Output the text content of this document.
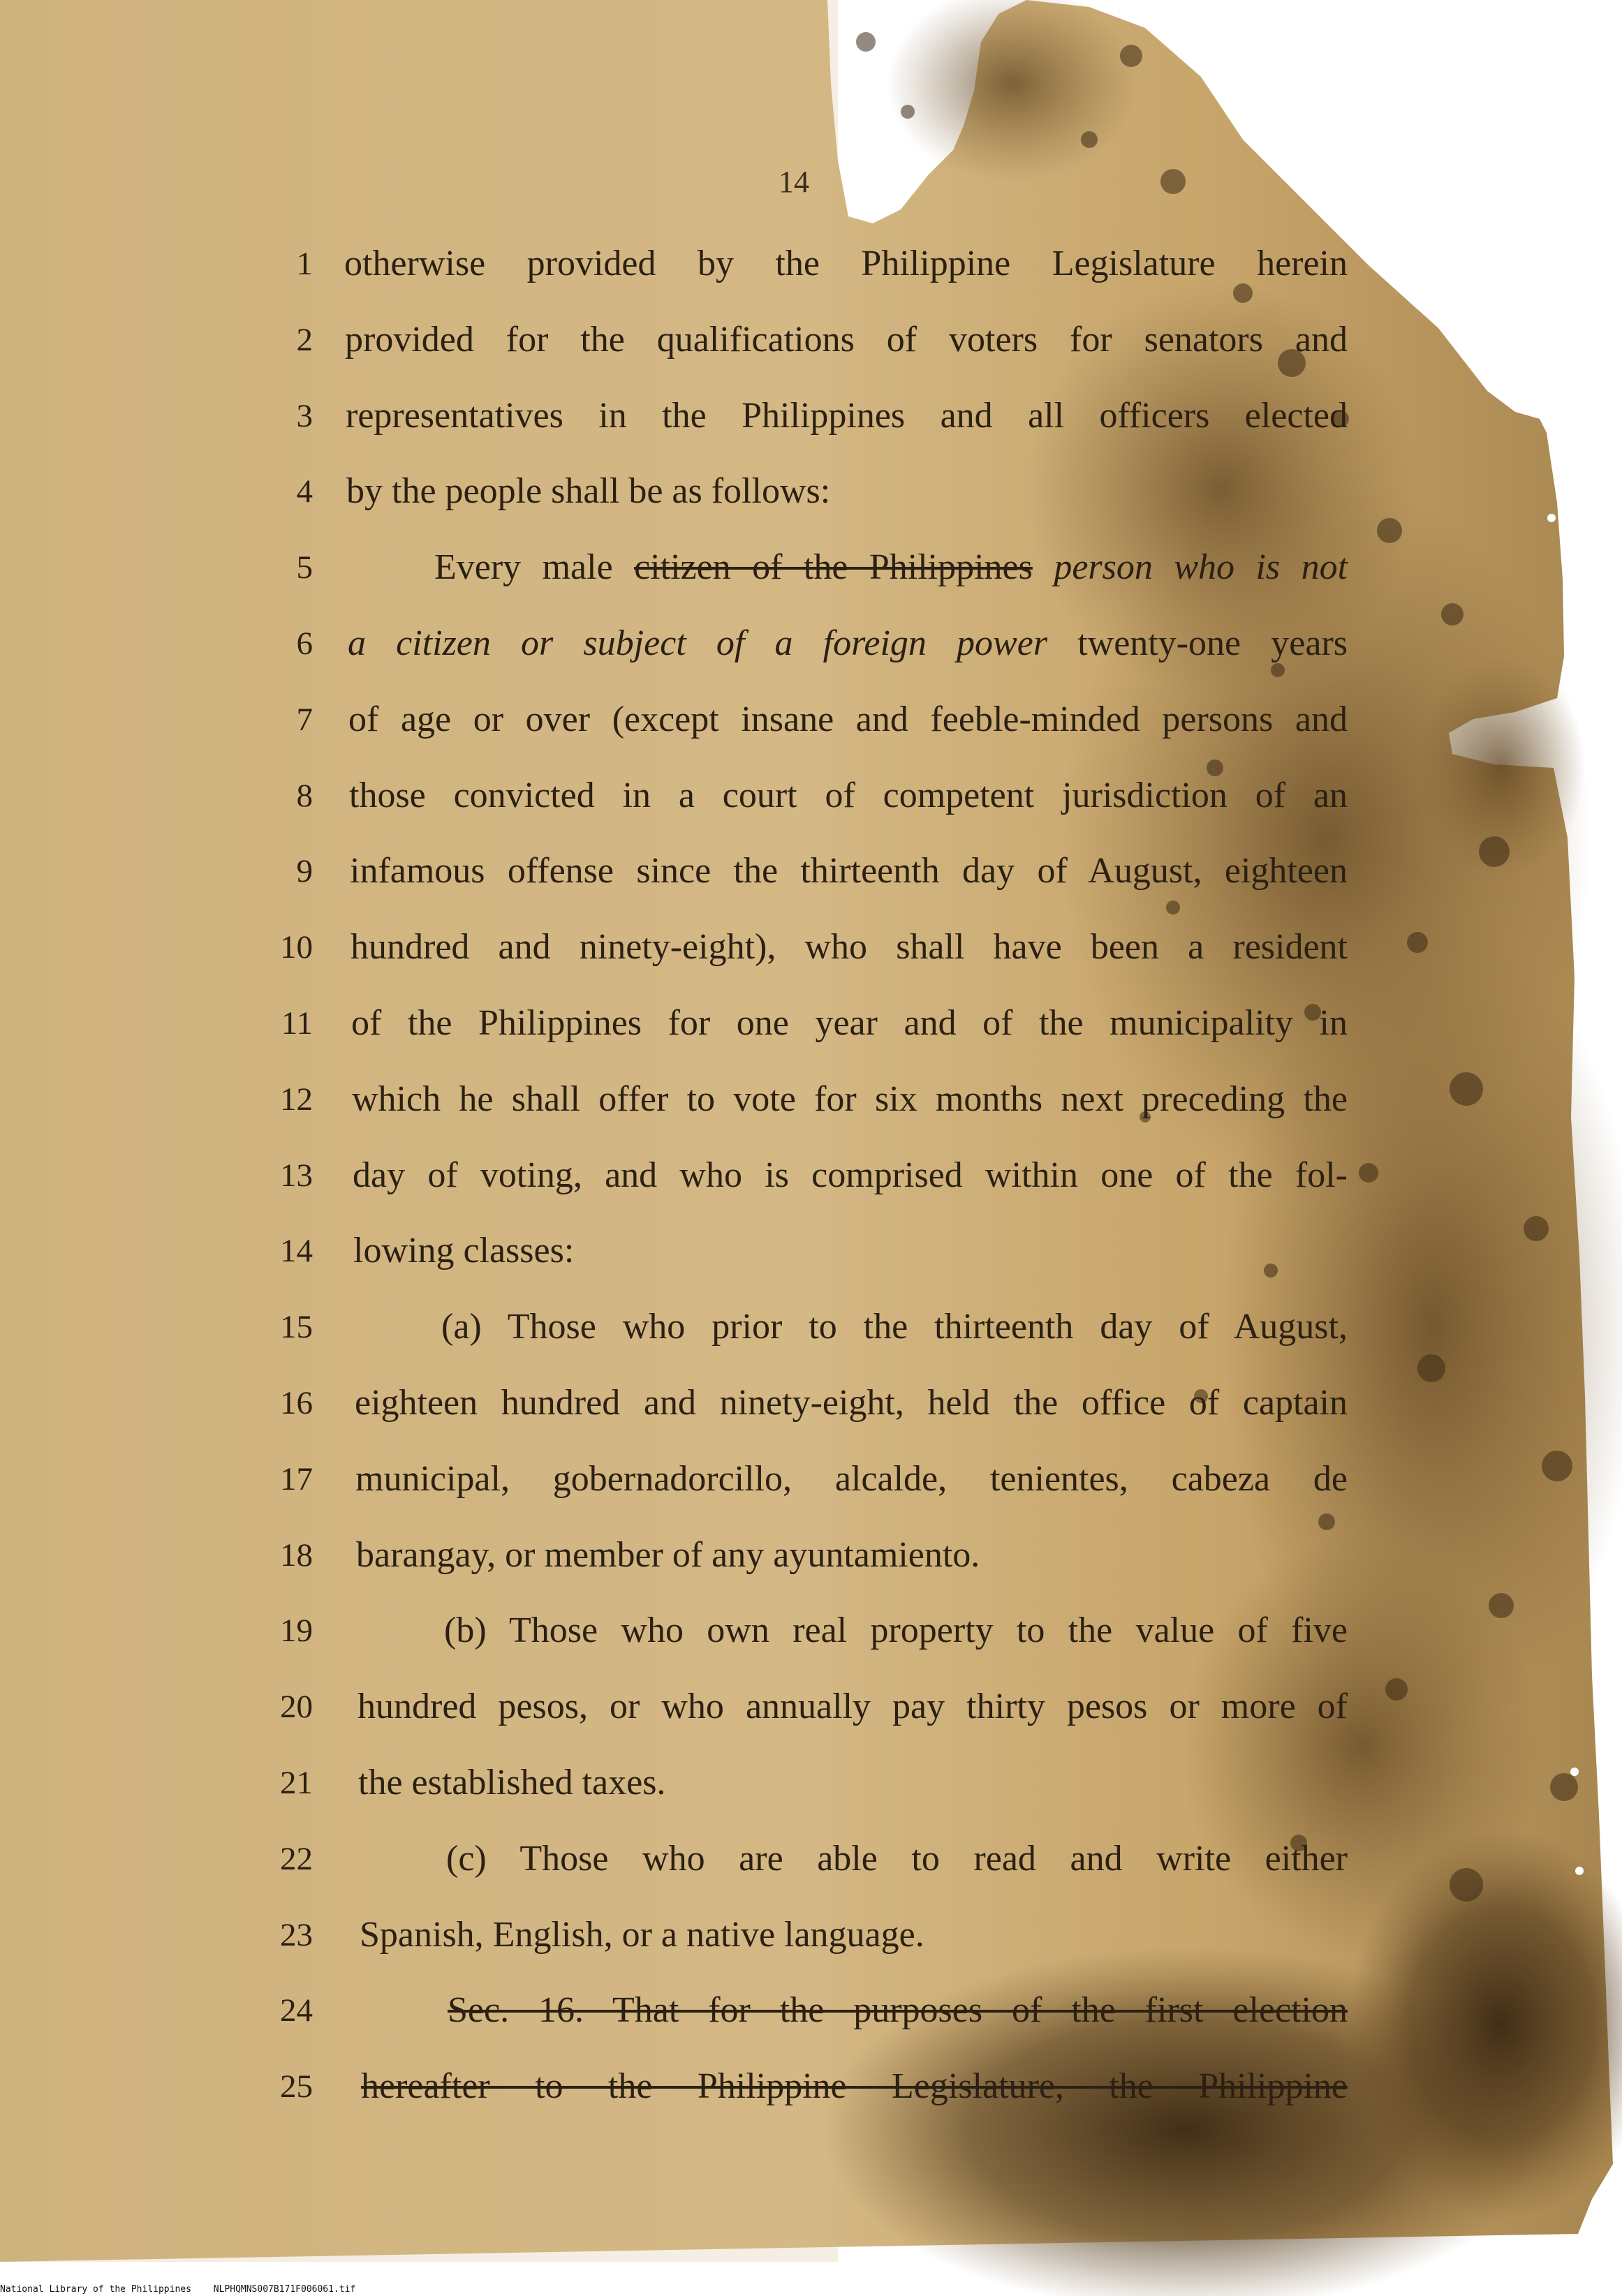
14
1 otherwise provided by the Philippine Legislature herein
2 provided for the qualifications of voters for senators and
3 representatives in the Philippines and all officers elected
4 by the people shall be as follows:
5	Every male citizen of the Philippines person who is not
6 a citizen or subject of a foreign power twenty-one years
7 of age or over (except insane and feeble-minded persons and
8 those convicted in a court of competent jurisdiction of an
9 infamous offense since the thirteenth day of August, eighteen
10 hundred and ninety-eight), who shall have been a resident
11 of the Philippines for one year and of the municipality in
12 which he shall offer to vote for six months next preceding the
13 day of voting, and who is comprised within one of the fol-
14 lowing classes:
15	(a) Those who prior to the thirteenth day of August,
16 eighteen hundred and ninety-eight, held the office of captain
17 municipal, gobernadorcillo, alcalde, tenientes, cabeza de
18 barangay, or member of any ayuntamiento.
19	(b) Those who own real property to the value of five
20 hundred pesos, or who annually pay thirty pesos or more of
21 the established taxes.
22	(c) Those who are able to read and write either
23 Spanish, English, or a native language.
24	Sec. 16. That for the purposes of the first election
25 hereafter to the Philippine Legislature, the Philippine
National Library of the Philippines NLPHQMNS007B171F006061.tif
